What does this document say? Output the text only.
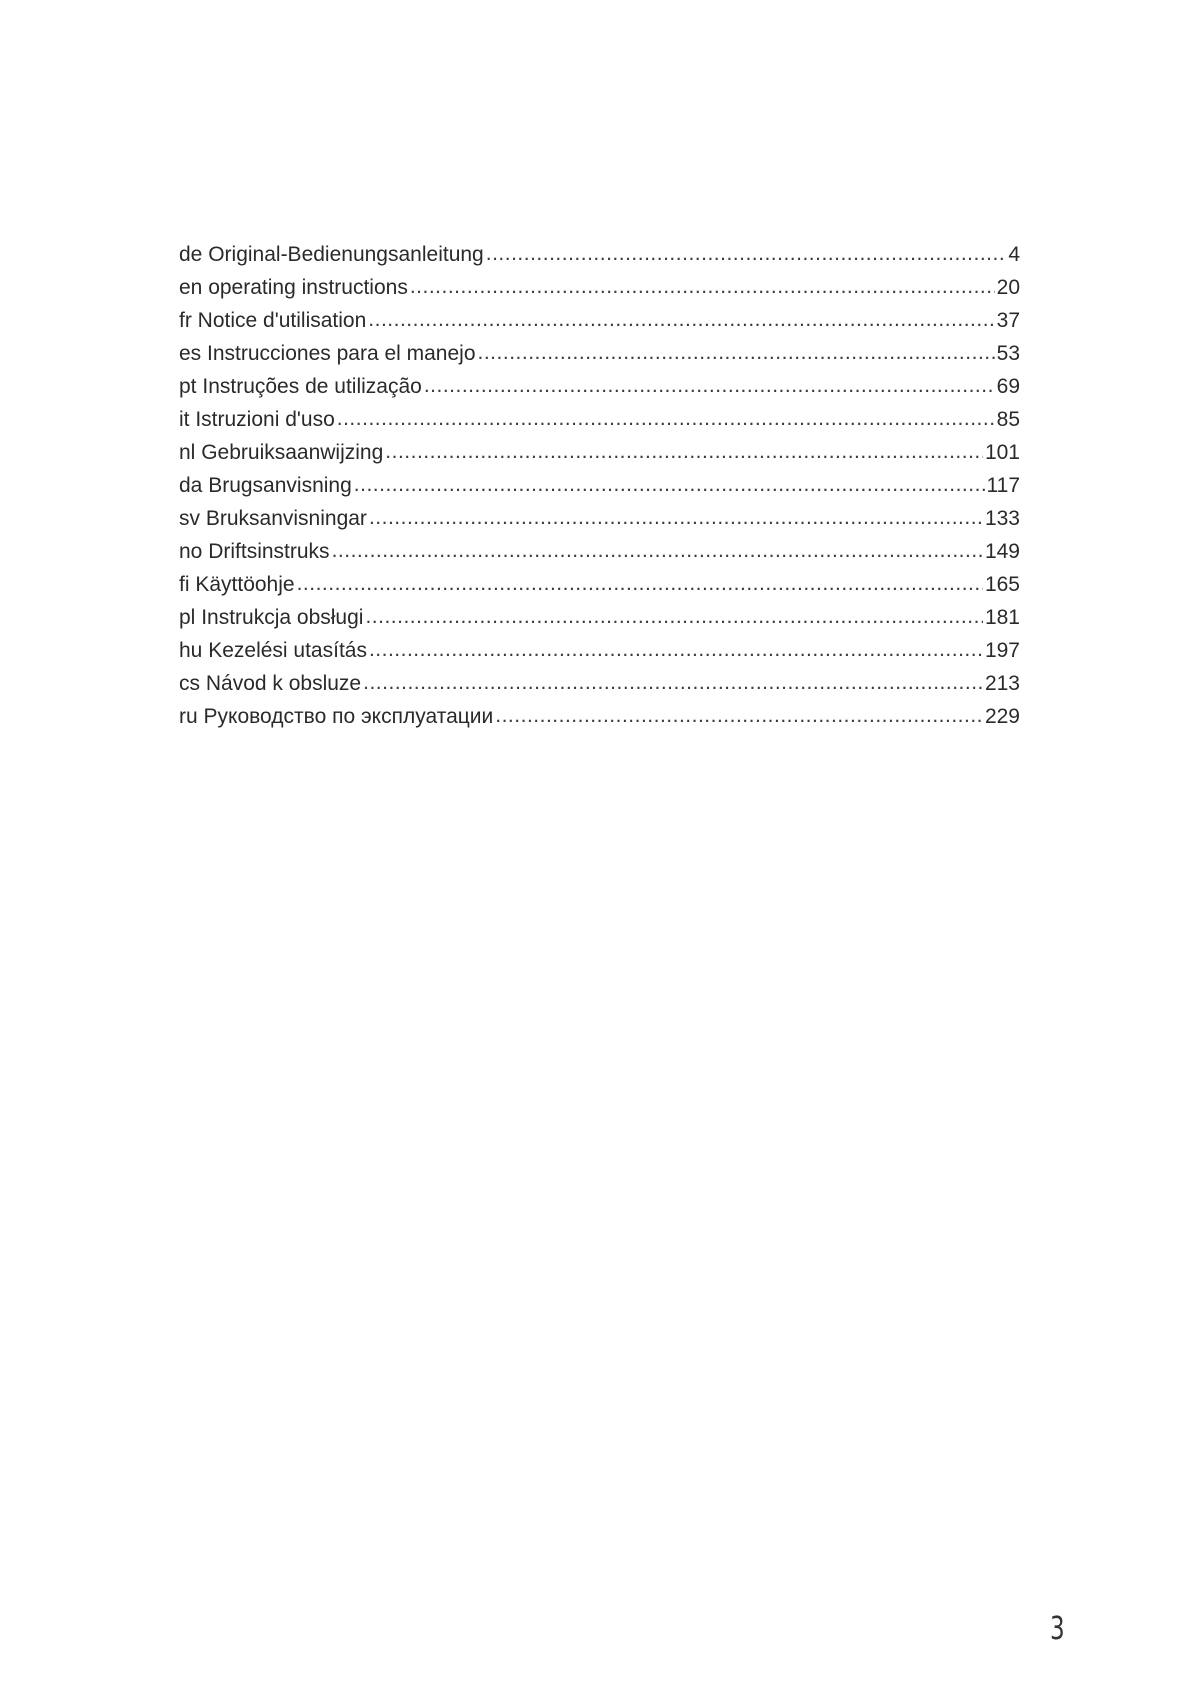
de Original-Bedienungsanleitung .....	4
en operating instructions .....	20
fr Notice d'utilisation .....	37
es Instrucciones para el manejo .....	53
pt Instruções de utilização .....	69
it Istruzioni d'uso .....	85
nl Gebruiksaanwijzing .....	101
da Brugsanvisning .....	117
sv Bruksanvisningar .....	133
no Driftsinstruks .....	149
fi Käyttöohje .....	165
pl Instrukcja obsługi .....	181
hu Kezelési utasítás .....	197
cs Návod k obsluze .....	213
ru Руководство по эксплуатации .....	229
3
